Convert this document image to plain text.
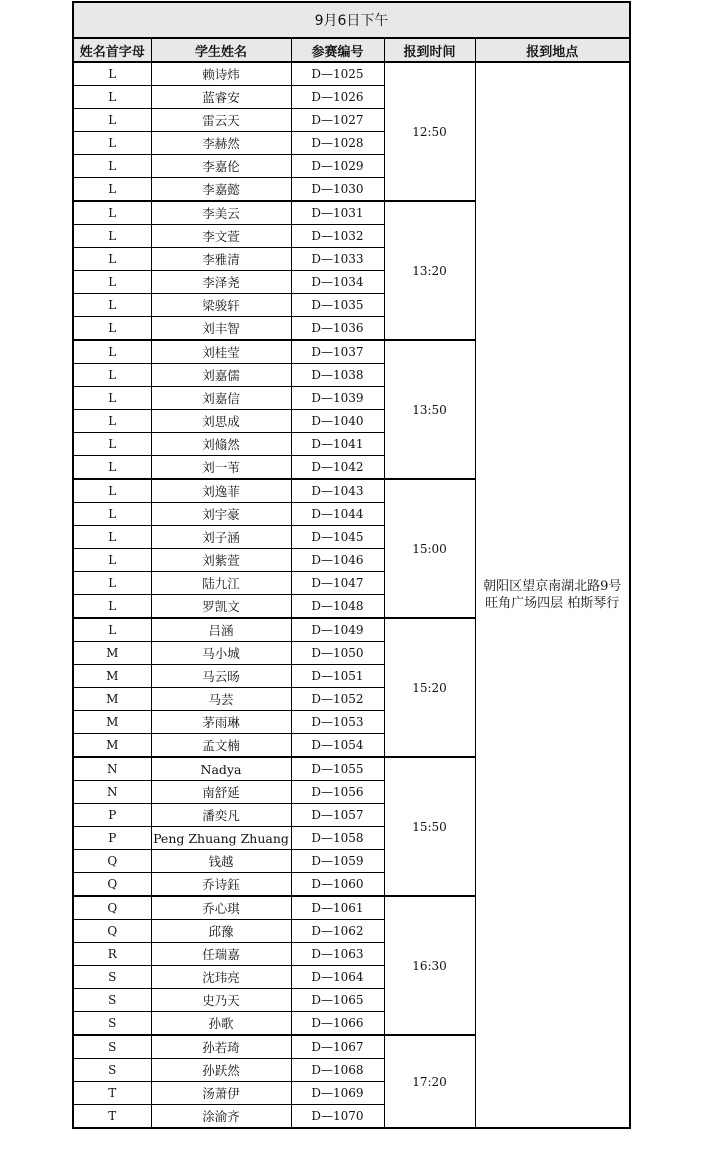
9月6日下午				
姓名首字母	学生姓名	参赛编号	报到时间	报到地点
L	赖诗炜	D—1025	12:50	朝阳区望京南湖北路9号 旺角广场四层 柏斯琴行
L	蓝睿安	D—1026		
L	雷云天	D—1027		
L	李赫然	D—1028		
L	李嘉伦	D—1029		
L	李嘉懿	D—1030		
L	李美云	D—1031	13:20	
L	李文萱	D—1032		
L	李雅清	D—1033		
L	李泽尧	D—1034		
L	梁骏轩	D—1035		
L	刘丰智	D—1036		
L	刘桂莹	D—1037	13:50	
L	刘嘉儒	D—1038		
L	刘嘉信	D—1039		
L	刘思成	D—1040		
L	刘翛然	D—1041		
L	刘一苇	D—1042		
L	刘逸菲	D—1043	15:00	
L	刘宇豪	D—1044		
L	刘子涵	D—1045		
L	刘紫萱	D—1046		
L	陆九江	D—1047		
L	罗凯文	D—1048		
L	吕涵	D—1049	15:20	
M	马小城	D—1050		
M	马云旸	D—1051		
M	马芸	D—1052		
M	茅雨琳	D—1053		
M	孟文楠	D—1054		
N	Nadya	D—1055	15:50	
N	南舒延	D—1056		
P	潘奕凡	D—1057		
P	Peng Zhuang Zhuang	D—1058		
Q	钱越	D—1059		
Q	乔诗鈺	D—1060		
Q	乔心琪	D—1061	16:30	
Q	邱豫	D—1062		
R	任瑞嘉	D—1063		
S	沈玮亮	D—1064		
S	史乃天	D—1065		
S	孙歌	D—1066		
S	孙若琦	D—1067	17:20	
S	孙跃然	D—1068		
T	汤萧伊	D—1069		
T	涂渝齐	D—1070		
